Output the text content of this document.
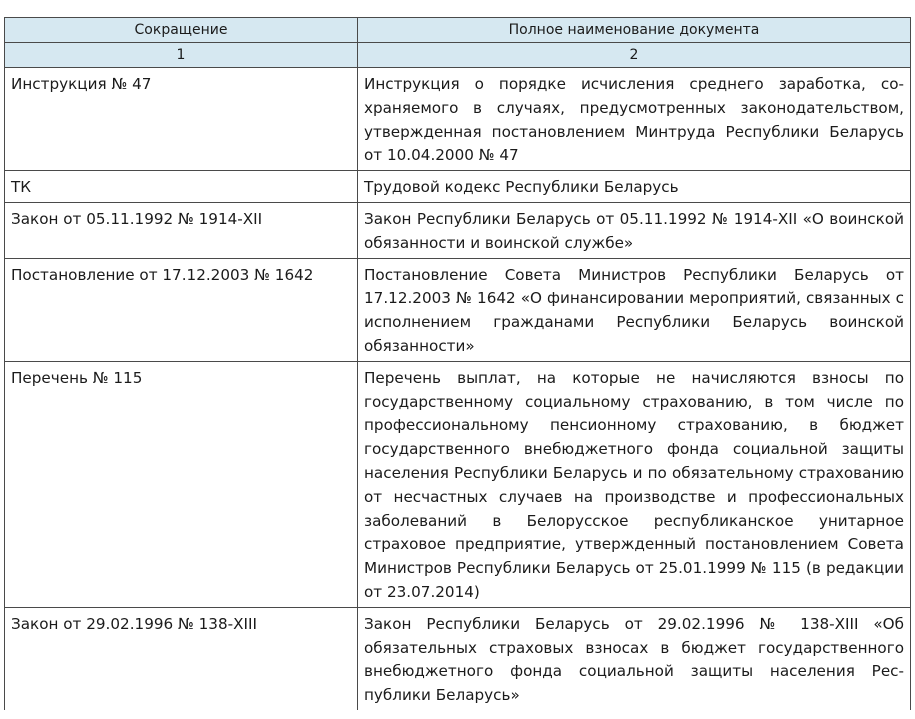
Сокращение	Полное наименование документа
1	2
Инструкция № 47	Инструкция о порядке исчисления среднего заработка, сохраняемого в случаях, предусмотренных законодательством, утвержденная постановлением Минтруда Республики Беларусь от 10.04.2000 № 47
ТК	Трудовой кодекс Республики Беларусь
Закон от 05.11.1992 № 1914-XII	Закон Республики Беларусь от 05.11.1992 № 1914-XII «О воинской обязанности и воинской службе»
Постановление от 17.12.2003 № 1642	Постановление Совета Министров Республики Беларусь от 17.12.2003 № 1642 «О финансировании мероприятий, связанных с исполнением гражданами Республики Беларусь воинской обязанности»
Перечень № 115	Перечень выплат, на которые не начисляются взносы по государственному социальному страхованию, в том числе по профессиональному пенсионному страхованию, в бюджет государственного внебюджетного фонда социальной защиты населения Республики Беларусь и по обязательному страхованию от несчастных случаев на производстве и профессиональных заболеваний в Белорусское республиканское унитарное страховое предприятие, утвержденный постановлением Совета Министров Республики Беларусь от 25.01.1999 № 115 (в редакции от 23.07.2014)
Закон от 29.02.1996 № 138-XIII	Закон Республики Беларусь от 29.02.1996 № 138-XIII «Об обязательных страховых взносах в бюджет государственного внебюджетного фонда социальной защиты населения Республики Беларусь»
